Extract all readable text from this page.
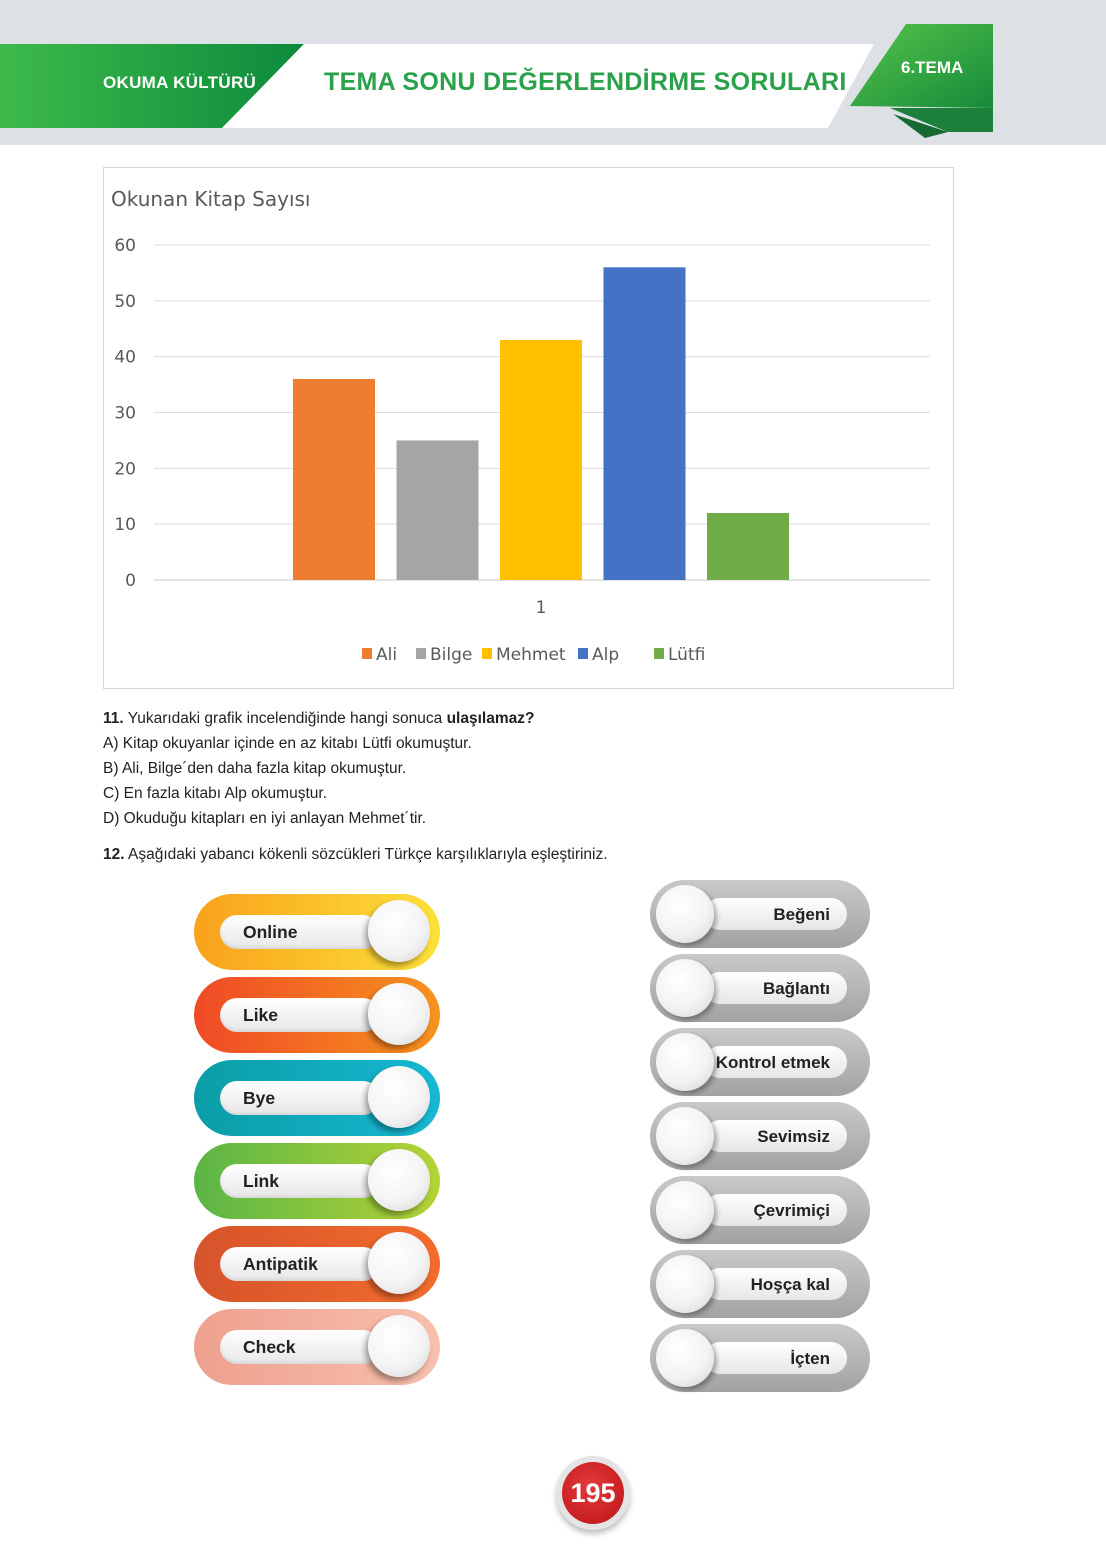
OKUMA KÜLTÜRÜ	TEMA SONU DEĞERLENDİRME SORULARI
6.TEMA
Okunan Kitap Sayısı
0
10
20
30
40
50
60
1
Ali Bilge Mehmet Alp	Lütfi
11. Yukarıdaki grafik incelendiğinde hangi sonuca ulaşılamaz?
A) Kitap okuyanlar içinde en az kitabı Lütfi okumuştur.
B) Ali, Bilge´den daha fazla kitap okumuştur.
C) En fazla kitabı Alp okumuştur.
D) Okuduğu kitapları en iyi anlayan Mehmet´tir.
12. Aşağıdaki yabancı kökenli sözcükleri Türkçe karşılıklarıyla eşleştiriniz.
Online
Like
Bye
Link
Antipatik
Check
Beğeni
Bağlantı
Kontrol etmek
Sevimsiz
Çevrimiçi
Hoşça kal
İçten
195
